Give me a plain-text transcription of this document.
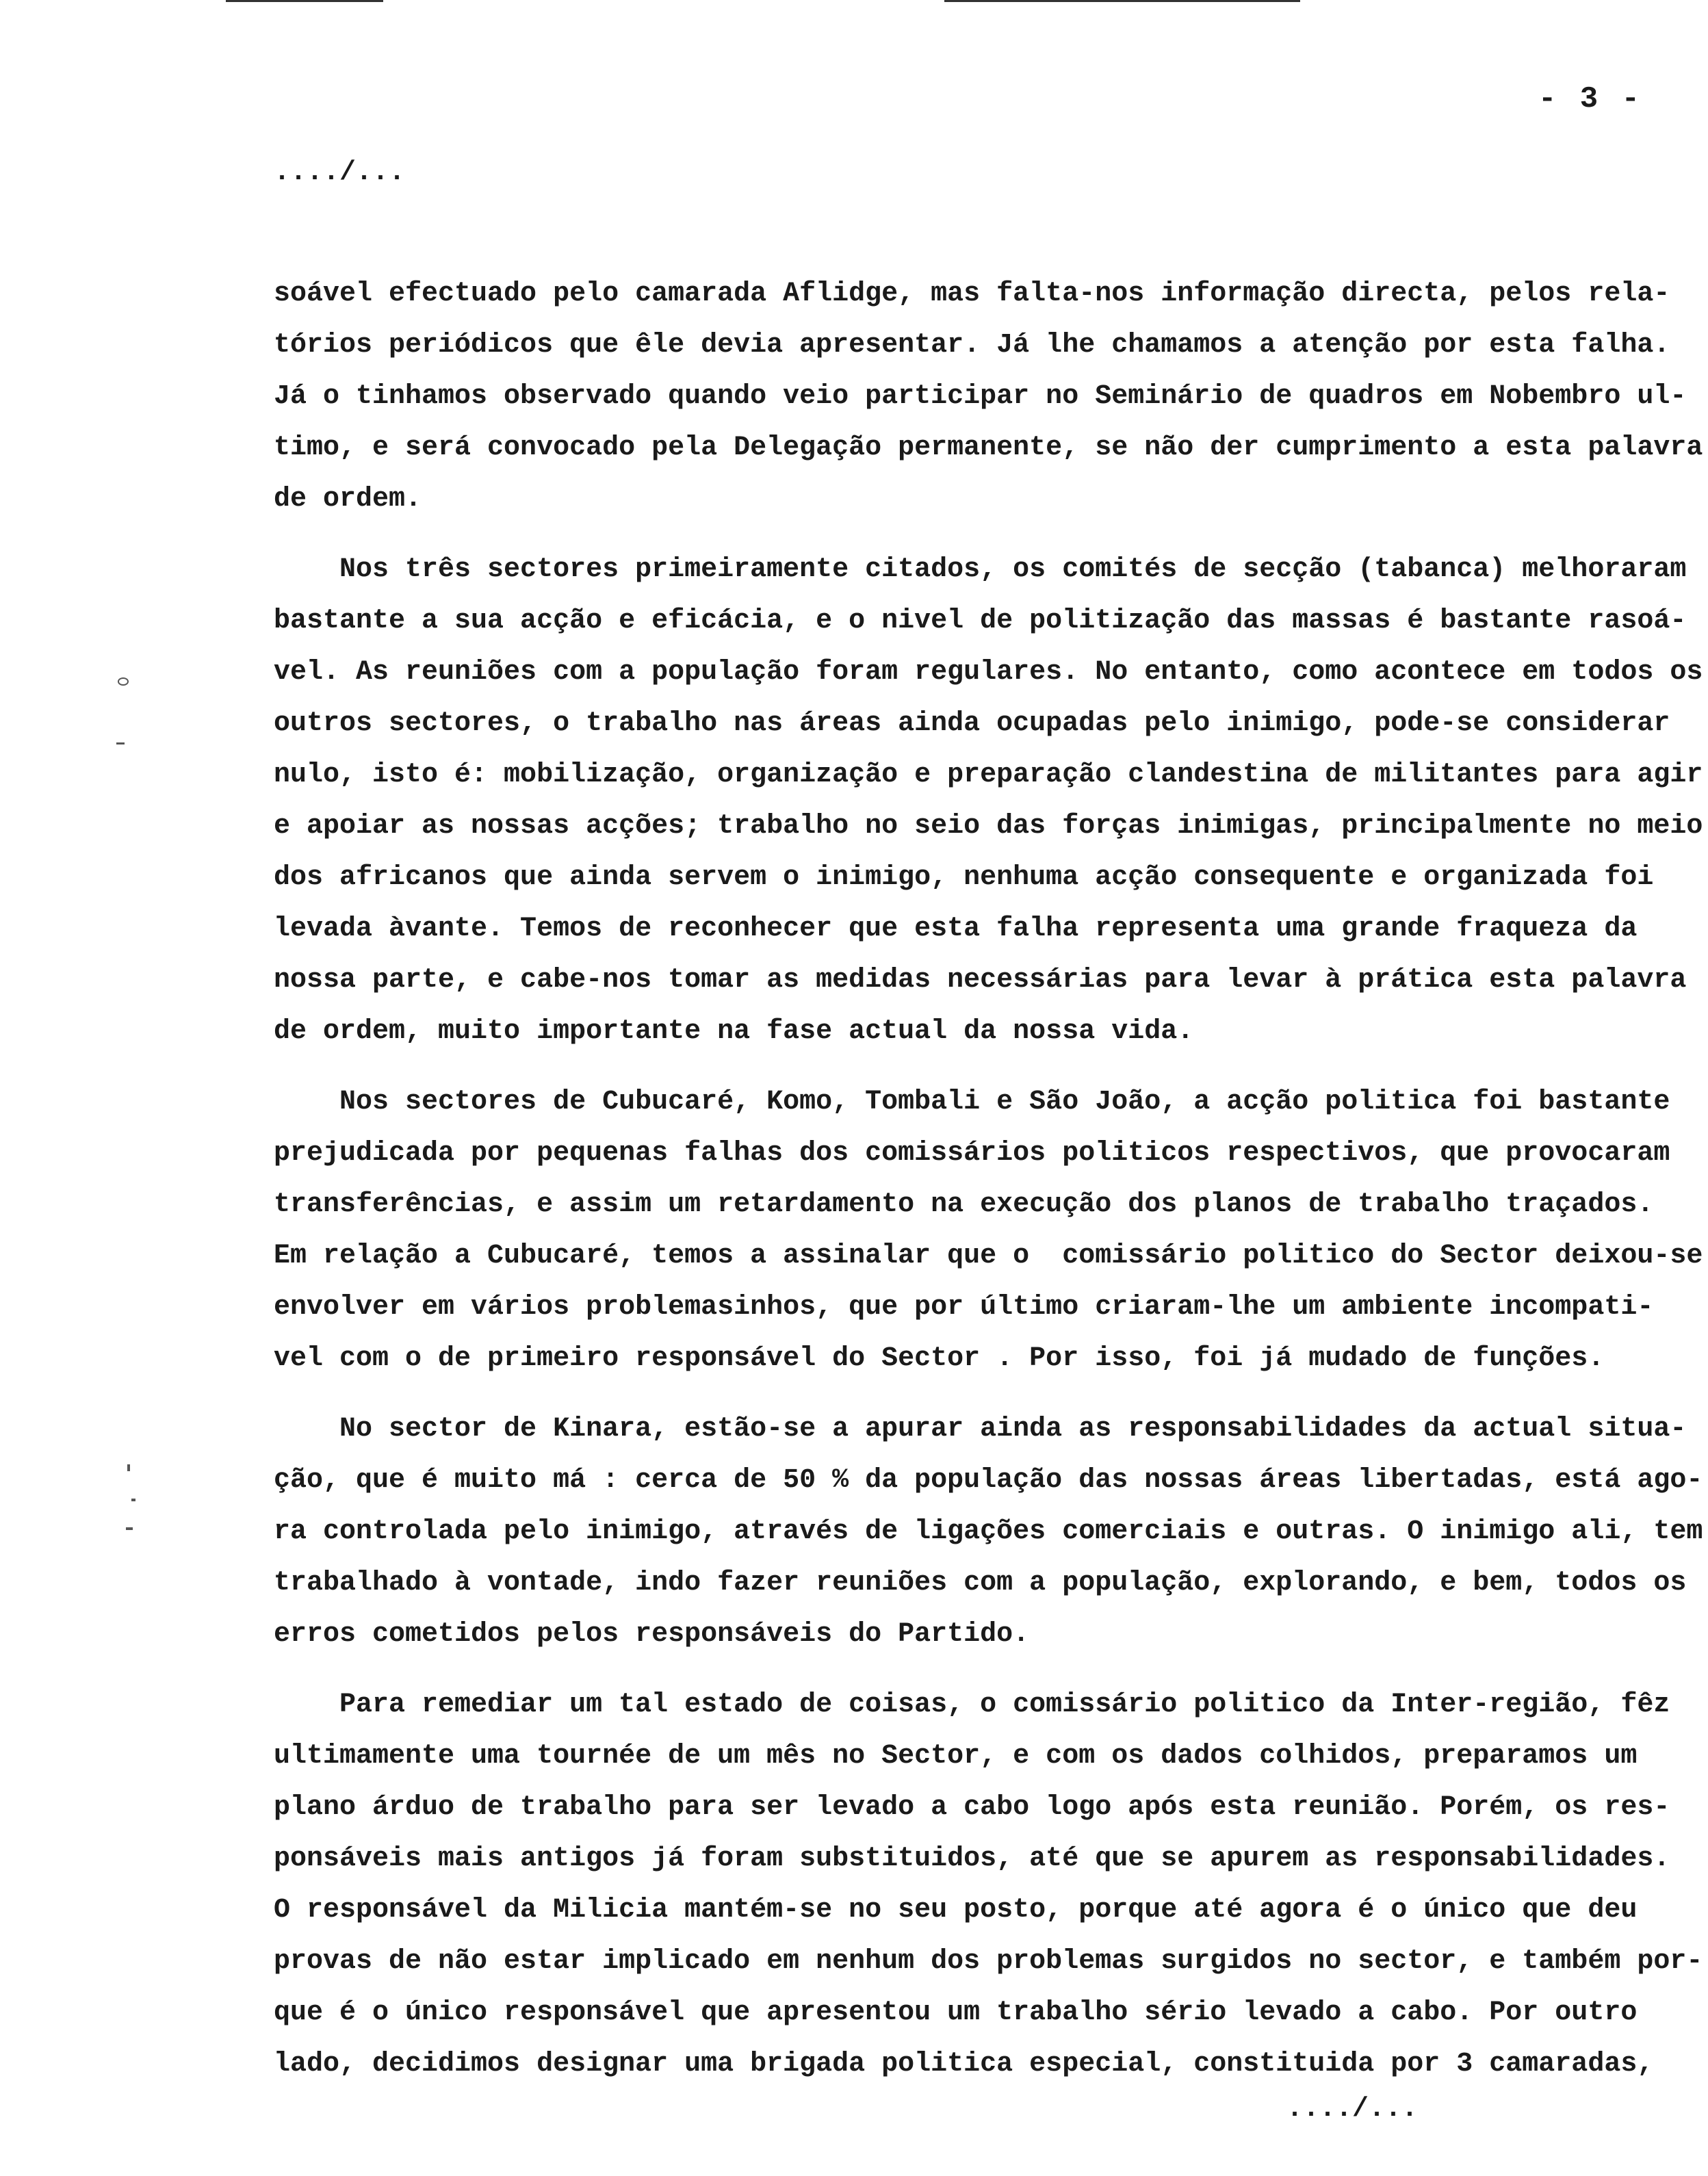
- 3 -
..../...
soável efectuado pelo camarada Aflidge, mas falta-nos informação directa, pelos rela-
tórios periódicos que êle devia apresentar. Já lhe chamamos a atenção por esta falha.
Já o tinhamos observado quando veio participar no Seminário de quadros em Nobembro ul-
timo, e será convocado pela Delegação permanente, se não der cumprimento a esta palavra
de ordem.
Nos três sectores primeiramente citados, os comités de secção (tabanca) melhoraram
bastante a sua acção e eficácia, e o nivel de politização das massas é bastante rasoá-
vel. As reuniões com a população foram regulares. No entanto, como acontece em todos os
outros sectores, o trabalho nas áreas ainda ocupadas pelo inimigo, pode-se considerar
nulo, isto é: mobilização, organização e preparação clandestina de militantes para agir
e apoiar as nossas acções; trabalho no seio das forças inimigas, principalmente no meio
dos africanos que ainda servem o inimigo, nenhuma acção consequente e organizada foi
levada àvante. Temos de reconhecer que esta falha representa uma grande fraqueza da
nossa parte, e cabe-nos tomar as medidas necessárias para levar à prática esta palavra
de ordem, muito importante na fase actual da nossa vida.
Nos sectores de Cubucaré, Komo, Tombali e São João, a acção politica foi bastante
prejudicada por pequenas falhas dos comissários politicos respectivos, que provocaram
transferências, e assim um retardamento na execução dos planos de trabalho traçados.
Em relação a Cubucaré, temos a assinalar que o  comissário politico do Sector deixou-se
envolver em vários problemasinhos, que por último criaram-lhe um ambiente incompati-
vel com o de primeiro responsável do Sector . Por isso, foi já mudado de funções.
No sector de Kinara, estão-se a apurar ainda as responsabilidades da actual situa-
ção, que é muito má : cerca de 50 % da população das nossas áreas libertadas, está ago-
ra controlada pelo inimigo, através de ligações comerciais e outras. O inimigo ali, tem
trabalhado à vontade, indo fazer reuniões com a população, explorando, e bem, todos os
erros cometidos pelos responsáveis do Partido.
Para remediar um tal estado de coisas, o comissário politico da Inter-região, fêz
ultimamente uma tournée de um mês no Sector, e com os dados colhidos, preparamos um
plano árduo de trabalho para ser levado a cabo logo após esta reunião. Porém, os res-
ponsáveis mais antigos já foram substituidos, até que se apurem as responsabilidades.
O responsável da Milicia mantém-se no seu posto, porque até agora é o único que deu
provas de não estar implicado em nenhum dos problemas surgidos no sector, e também por-
que é o único responsável que apresentou um trabalho sério levado a cabo. Por outro
lado, decidimos designar uma brigada politica especial, constituida por 3 camaradas,
..../...
